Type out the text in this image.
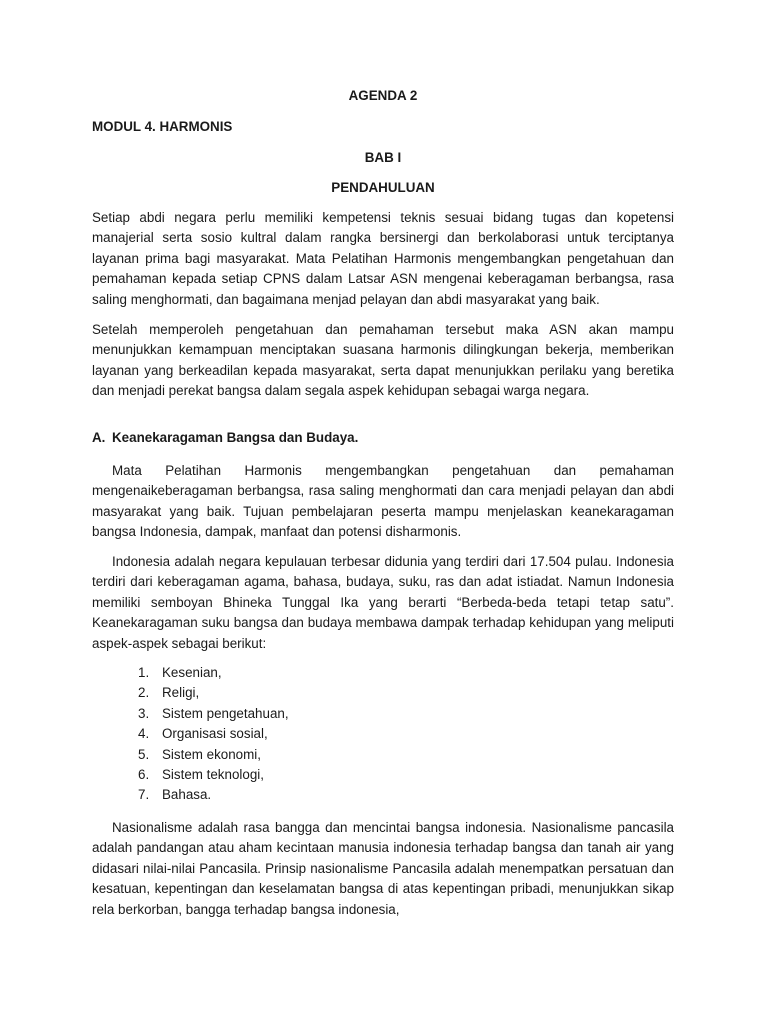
AGENDA 2
MODUL 4. HARMONIS
BAB I
PENDAHULUAN
Setiap abdi negara perlu memiliki kempetensi teknis sesuai bidang tugas dan kopetensi manajerial serta sosio kultral dalam rangka bersinergi dan berkolaborasi untuk terciptanya layanan prima bagi masyarakat. Mata Pelatihan Harmonis mengembangkan pengetahuan dan pemahaman kepada setiap CPNS dalam Latsar ASN mengenai keberagaman berbangsa, rasa saling menghormati, dan bagaimana menjad pelayan dan abdi masyarakat yang baik.
Setelah memperoleh pengetahuan dan pemahaman tersebut maka ASN akan mampu menunjukkan kemampuan menciptakan suasana harmonis dilingkungan bekerja, memberikan layanan yang berkeadilan kepada masyarakat, serta dapat menunjukkan perilaku yang beretika dan menjadi perekat bangsa dalam segala aspek kehidupan sebagai warga negara.
A. Keanekaragaman Bangsa dan Budaya.
Mata Pelatihan Harmonis mengembangkan pengetahuan dan pemahaman mengenaikeberagaman berbangsa, rasa saling menghormati dan cara menjadi pelayan dan abdi masyarakat yang baik. Tujuan pembelajaran peserta mampu menjelaskan keanekaragaman bangsa Indonesia, dampak, manfaat dan potensi disharmonis.
Indonesia adalah negara kepulauan terbesar didunia yang terdiri dari 17.504 pulau. Indonesia terdiri dari keberagaman agama, bahasa, budaya, suku, ras dan adat istiadat. Namun Indonesia memiliki semboyan Bhineka Tunggal Ika yang berarti “Berbeda-beda tetapi tetap satu”. Keanekaragaman suku bangsa dan budaya membawa dampak terhadap kehidupan yang meliputi aspek-aspek sebagai berikut:
1. Kesenian,
2. Religi,
3. Sistem pengetahuan,
4. Organisasi sosial,
5. Sistem ekonomi,
6. Sistem teknologi,
7. Bahasa.
Nasionalisme adalah rasa bangga dan mencintai bangsa indonesia. Nasionalisme pancasila adalah pandangan atau aham kecintaan manusia indonesia terhadap bangsa dan tanah air yang didasari nilai-nilai Pancasila. Prinsip nasionalisme Pancasila adalah menempatkan persatuan dan kesatuan, kepentingan dan keselamatan bangsa di atas kepentingan pribadi, menunjukkan sikap rela berkorban, bangga terhadap bangsa indonesia,
